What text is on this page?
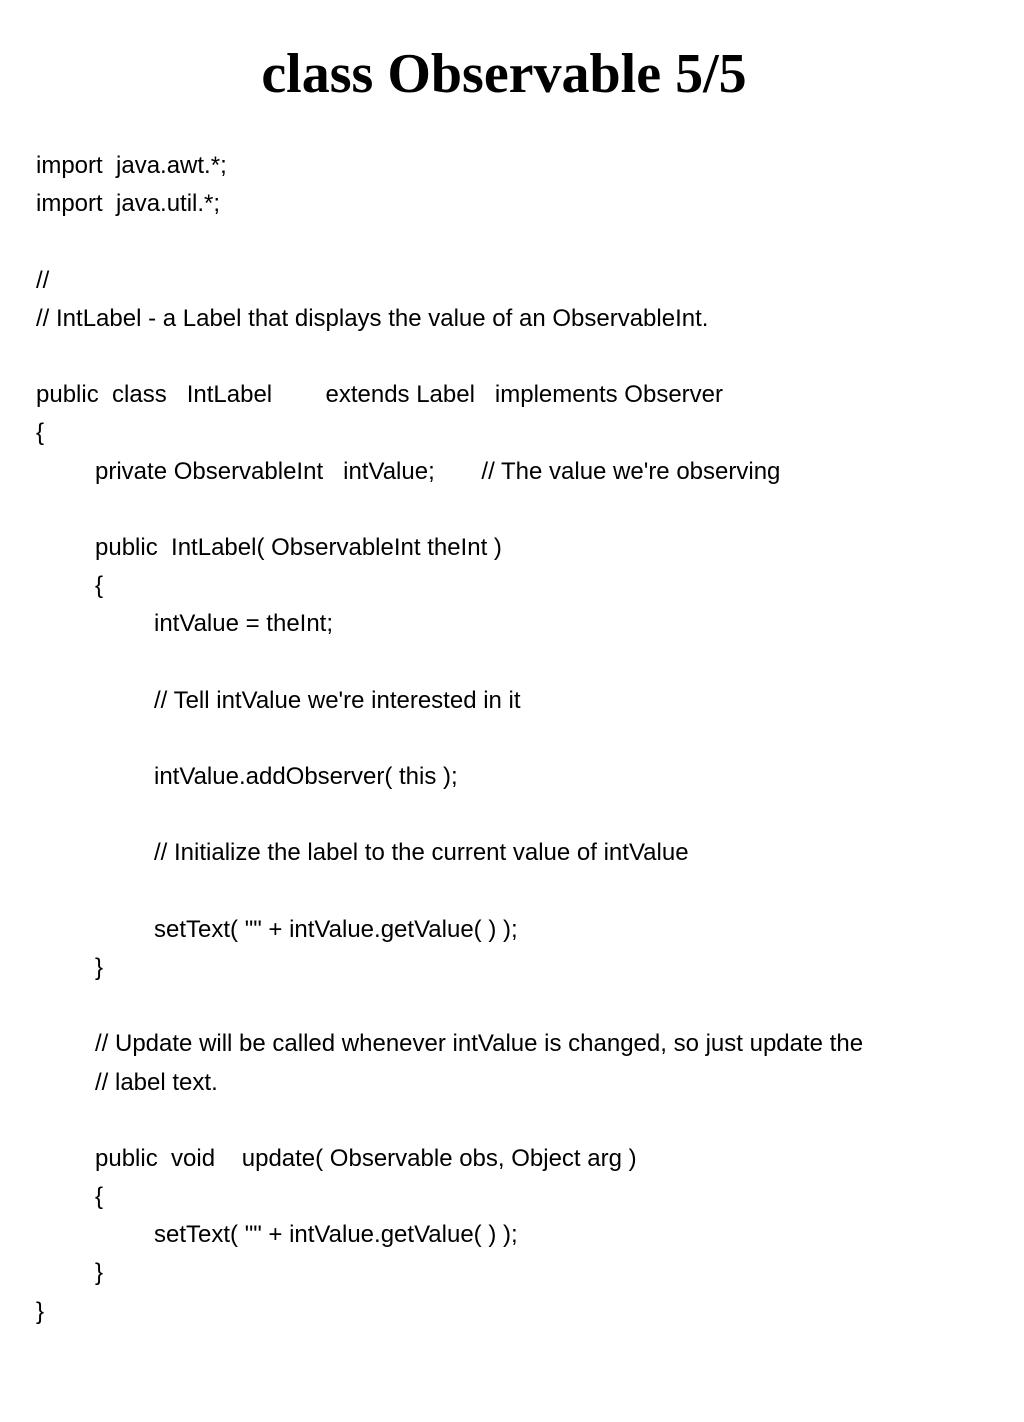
class Observable 5/5
import  java.awt.*;
import  java.util.*;
//
// IntLabel - a Label that displays the value of an ObservableInt.
public  class   IntLabel        extends Label   implements Observer
{
private ObservableInt   intValue;       // The value we're observing
public  IntLabel( ObservableInt theInt )
{
intValue = theInt;
// Tell intValue we're interested in it
intValue.addObserver( this );
// Initialize the label to the current value of intValue
setText( "" + intValue.getValue( ) );
}
// Update will be called whenever intValue is changed, so just update the
// label text.
public  void    update( Observable obs, Object arg )
{
setText( "" + intValue.getValue( ) );
}
}
